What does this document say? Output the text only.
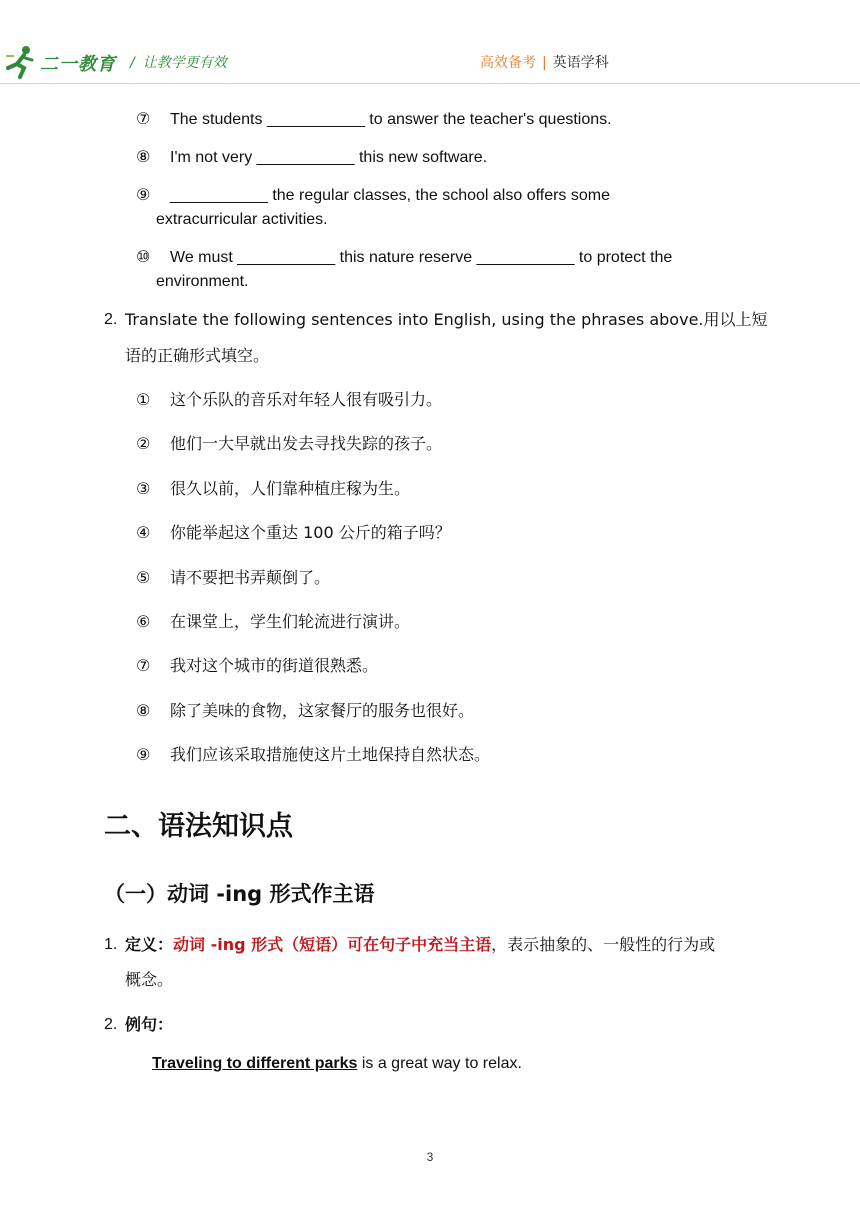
二一教育 / 让教学更有效	高效备考 | 英语学科
⑦ The students ___________ to answer the teacher's questions.
⑧ I'm not very ___________ this new software.
⑨ ___________ the regular classes, the school also offers some
extracurricular activities.
⑩ We must ___________ this nature reserve ___________ to protect the
environment.
2. Translate the following sentences into English, using the phrases above.用以上短
语的正确形式填空。
① 这个乐队的音乐对年轻人很有吸引力。
② 他们一大早就出发去寻找失踪的孩子。
③ 很久以前，人们靠种植庄稼为生。
④ 你能举起这个重达 100 公斤的箱子吗？
⑤ 请不要把书弄颠倒了。
⑥ 在课堂上，学生们轮流进行演讲。
⑦ 我对这个城市的街道很熟悉。
⑧ 除了美味的食物，这家餐厅的服务也很好。
⑨ 我们应该采取措施使这片土地保持自然状态。
二、语法知识点
（一）动词 -ing 形式作主语
1. 定义：动词 -ing 形式（短语）可在句子中充当主语，表示抽象的、一般性的行为或
概念。
2. 例句：
Traveling to different parks is a great way to relax.
3
